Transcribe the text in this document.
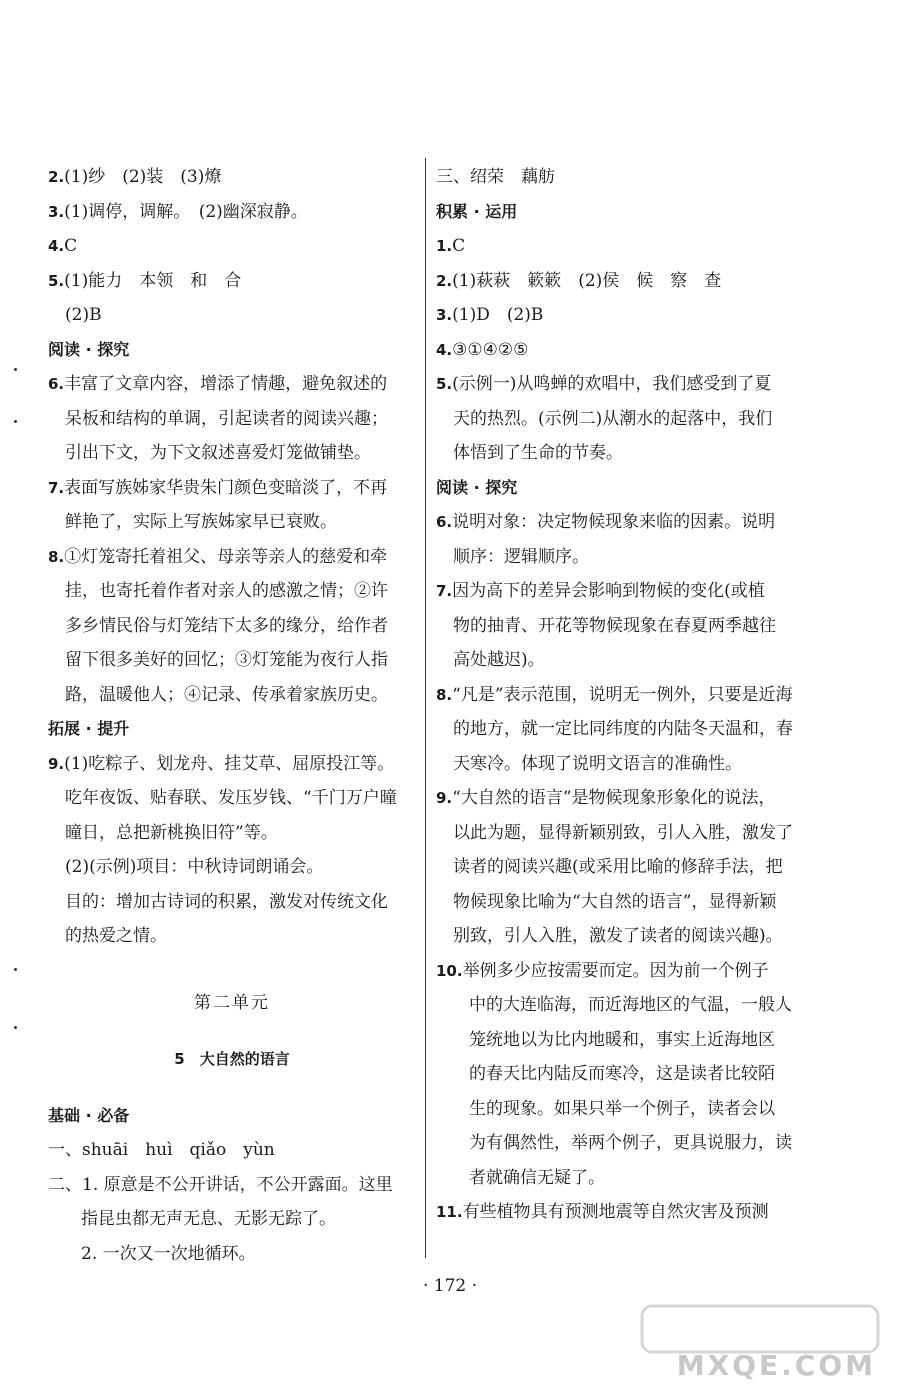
2.(1)纱　(2)装　(3)燎
3.(1)调停，调解。　(2)幽深寂静。
4.C
5.(1)能力　本领　和　合
(2)B
阅读 · 探究
6.丰富了文章内容，增添了情趣，避免叙述的
呆板和结构的单调，引起读者的阅读兴趣；
引出下文，为下文叙述喜爱灯笼做铺垫。
7.表面写族姊家华贵朱门颜色变暗淡了，不再
鲜艳了，实际上写族姊家早已衰败。
8.①灯笼寄托着祖父、母亲等亲人的慈爱和牵
挂，也寄托着作者对亲人的感激之情；②许
多乡情民俗与灯笼结下太多的缘分，给作者
留下很多美好的回忆；③灯笼能为夜行人指
路，温暖他人；④记录、传承着家族历史。
拓展 · 提升
9.(1)吃粽子、划龙舟、挂艾草、屈原投江等。
吃年夜饭、贴春联、发压岁钱、“千门万户曈
曈日，总把新桃换旧符”等。
(2)(示例)项目：中秋诗词朗诵会。
目的：增加古诗词的积累，激发对传统文化
的热爱之情。
第二单元
5　大自然的语言
基础 · 必备
一、shuāi　huì　qiǎo　yùn
二、1. 原意是不公开讲话，不公开露面。这里
指昆虫都无声无息、无影无踪了。
2. 一次又一次地循环。
三、绍荣　藕舫
积累 · 运用
1.C
2.(1)萩萩　簌簌　(2)侯　候　察　查
3.(1)D　(2)B
4.③①④②⑤
5.(示例一)从鸣蝉的欢唱中，我们感受到了夏
天的热烈。(示例二)从潮水的起落中，我们
体悟到了生命的节奏。
阅读 · 探究
6.说明对象：决定物候现象来临的因素。说明
顺序：逻辑顺序。
7.因为高下的差异会影响到物候的变化(或植
物的抽青、开花等物候现象在春夏两季越往
高处越迟)。
8.“凡是”表示范围，说明无一例外，只要是近海
的地方，就一定比同纬度的内陆冬天温和，春
天寒冷。体现了说明文语言的准确性。
9.“大自然的语言”是物候现象形象化的说法，
以此为题，显得新颖别致，引人入胜，激发了
读者的阅读兴趣(或采用比喻的修辞手法，把
物候现象比喻为“大自然的语言”，显得新颖
别致，引人入胜，激发了读者的阅读兴趣)。
10.举例多少应按需要而定。因为前一个例子
中的大连临海，而近海地区的气温，一般人
笼统地以为比内地暖和，事实上近海地区
的春天比内陆反而寒冷，这是读者比较陌
生的现象。如果只举一个例子，读者会以
为有偶然性，举两个例子，更具说服力，读
者就确信无疑了。
11.有些植物具有预测地震等自然灾害及预测
· 172 ·
MXQE.COM
